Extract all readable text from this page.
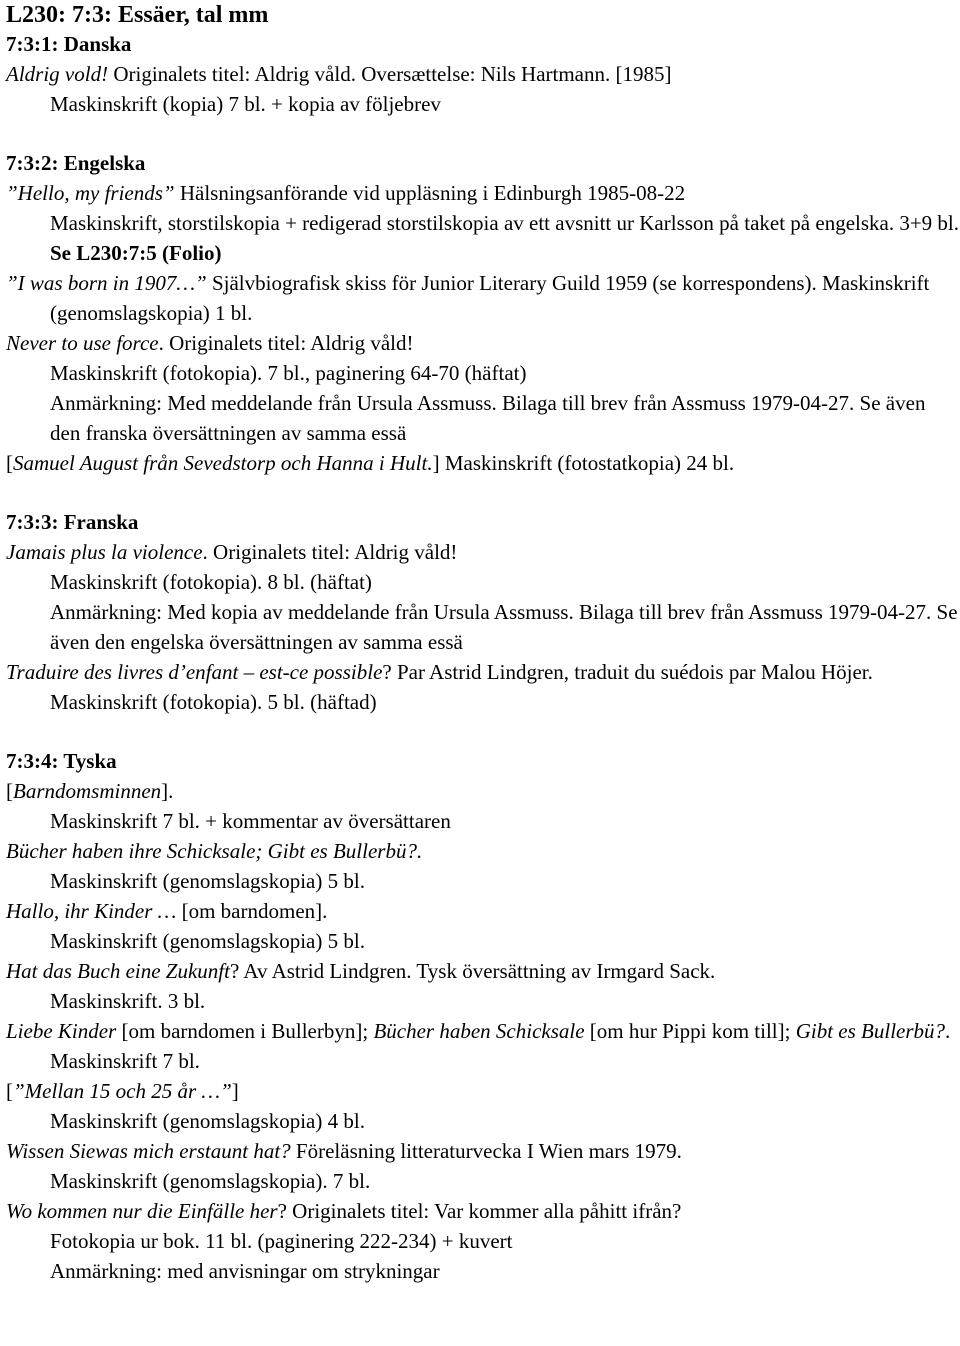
L230: 7:3: Essäer, tal mm
7:3:1: Danska
Aldrig vold! Originalets titel: Aldrig våld. Oversættelse: Nils Hartmann. [1985]
Maskinskrift (kopia) 7 bl. + kopia av följebrev
7:3:2: Engelska
”Hello, my friends” Hälsningsanförande vid uppläsning i Edinburgh 1985-08-22
Maskinskrift, storstilskopia + redigerad storstilskopia av ett avsnitt ur Karlsson på taket på engelska. 3+9 bl. Se L230:7:5 (Folio)
”I was born in 1907…” Självbiografisk skiss för Junior Literary Guild 1959 (se korrespondens). Maskinskrift (genomslagskopia) 1 bl.
Never to use force. Originalets titel: Aldrig våld!
Maskinskrift (fotokopia). 7 bl., paginering 64-70 (häftat)
Anmärkning: Med meddelande från Ursula Assmuss. Bilaga till brev från Assmuss 1979-04-27. Se även den franska översättningen av samma essä
[Samuel August från Sevedstorp och Hanna i Hult.] Maskinskrift (fotostatkopia) 24 bl.
7:3:3: Franska
Jamais plus la violence. Originalets titel: Aldrig våld!
Maskinskrift (fotokopia). 8 bl. (häftat)
Anmärkning: Med kopia av meddelande från Ursula Assmuss. Bilaga till brev från Assmuss 1979-04-27. Se även den engelska översättningen av samma essä
Traduire des livres d’enfant – est-ce possible? Par Astrid Lindgren, traduit du suédois par Malou Höjer.
Maskinskrift (fotokopia). 5 bl. (häftad)
7:3:4: Tyska
[Barndomsminnen].
Maskinskrift 7 bl. + kommentar av översättaren
Bücher haben ihre Schicksale; Gibt es Bullerbü?.
Maskinskrift (genomslagskopia) 5 bl.
Hallo, ihr Kinder … [om barndomen].
Maskinskrift (genomslagskopia) 5 bl.
Hat das Buch eine Zukunft? Av Astrid Lindgren. Tysk översättning av Irmgard Sack.
Maskinskrift. 3 bl.
Liebe Kinder [om barndomen i Bullerbyn]; Bücher haben Schicksale [om hur Pippi kom till]; Gibt es Bullerbü?.
Maskinskrift 7 bl.
[”Mellan 15 och 25 år …”]
Maskinskrift (genomslagskopia) 4 bl.
Wissen Siewas mich erstaunt hat? Föreläsning litteraturvecka I Wien mars 1979.
Maskinskrift (genomslagskopia). 7 bl.
Wo kommen nur die Einfälle her? Originalets titel: Var kommer alla påhitt ifrån?
Fotokopia ur bok. 11 bl. (paginering 222-234) + kuvert
Anmärkning: med anvisningar om strykningar
